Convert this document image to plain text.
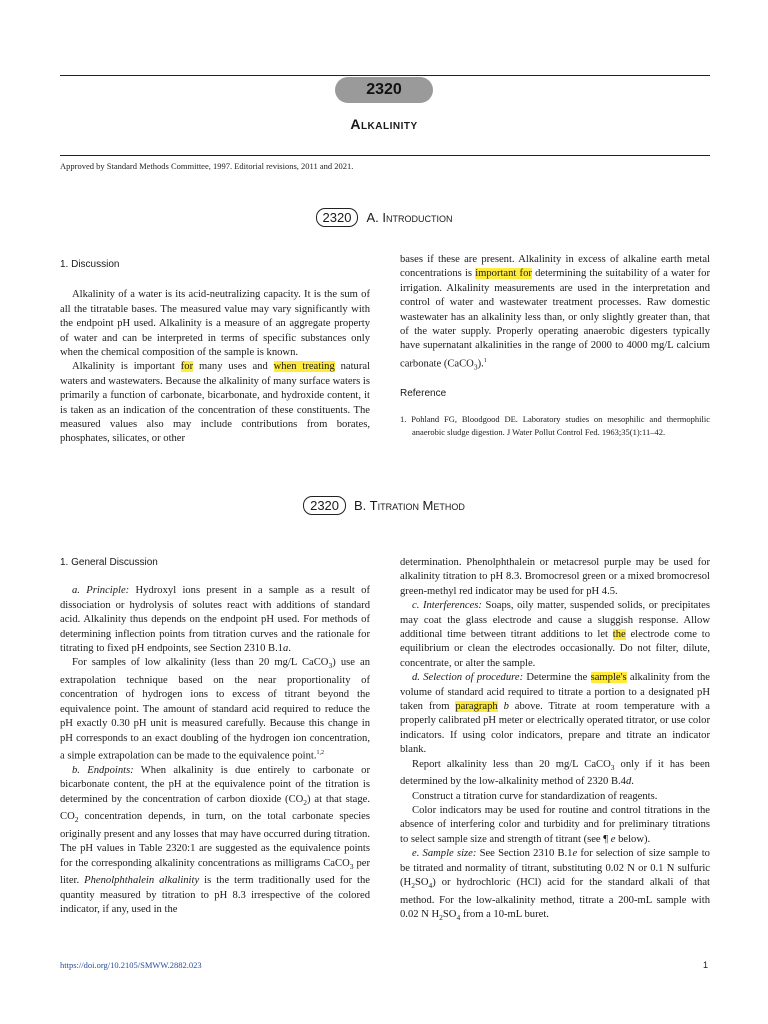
2320
Alkalinity
Approved by Standard Methods Committee, 1997. Editorial revisions, 2011 and 2021.
2320 A. Introduction

1. Discussion

Alkalinity of a water is its acid-neutralizing capacity. It is the sum of all the titratable bases. The measured value may vary significantly with the endpoint pH used. Alkalinity is a measure of an aggregate property of water and can be interpreted in terms of specific substances only when the chemical composition of the sample is known.

Alkalinity is important for many uses and when treating natural waters and wastewaters. Because the alkalinity of many surface waters is primarily a function of carbonate, bicarbonate, and hydroxide content, it is taken as an indication of the concentration of these constituents. The measured values also may include contributions from borates, phosphates, silicates, or other

bases if these are present. Alkalinity in excess of alkaline earth metal concentrations is important for determining the suitability of a water for irrigation. Alkalinity measurements are used in the interpretation and control of water and wastewater treatment processes. Raw domestic wastewater has an alkalinity less than, or only slightly greater than, that of the water supply. Properly operating anaerobic digesters typically have supernatant alkalinities in the range of 2000 to 4000 mg/L calcium carbonate (CaCO$_3$).$^1$

Reference

1. Pohland FG, Bloodgood DE. Laboratory studies on mesophilic and thermophilic anaerobic sludge digestion. J Water Pollut Control Fed. 1963;35(1):11–42.

2320 B. Titration Method

1. General Discussion

a. Principle: Hydroxyl ions present in a sample as a result of dissociation or hydrolysis of solutes react with additions of standard acid. Alkalinity thus depends on the endpoint pH used. For methods of determining inflection points from titration curves and the rationale for titrating to fixed pH endpoints, see Section 2310 B.1a.

For samples of low alkalinity (less than 20 mg/L CaCO$_3$) use an extrapolation technique based on the near proportionality of concentration of hydrogen ions to excess of titrant beyond the equivalence point. The amount of standard acid required to reduce the pH exactly 0.30 pH unit is measured carefully. Because this change in pH corresponds to an exact doubling of the hydrogen ion concentration, a simple extrapolation can be made to the equivalence point.$^{1,2}$

b. Endpoints: When alkalinity is due entirely to carbonate or bicarbonate content, the pH at the equivalence point of the titration is determined by the concentration of carbon dioxide $(CO_2)$ at that stage. $CO_2$ concentration depends, in turn, on the total carbonate species originally present and any losses that may have occurred during titration. The pH values in Table 2320:1 are suggested as the equivalence points for the corresponding alkalinity concentrations as milligrams CaCO$_3$ per liter. Phenolphthalein alkalinity is the term traditionally used for the quantity measured by titration to pH 8.3 irrespective of the colored indicator, if any, used in the

determination. Phenolphthalein or metacresol purple may be used for alkalinity titration to pH 8.3. Bromocresol green or a mixed bromocresol green-methyl red indicator may be used for pH 4.5.

c. Interferences: Soaps, oily matter, suspended solids, or precipitates may coat the glass electrode and cause a sluggish response. Allow additional time between titrant additions to let the electrode come to equilibrium or clean the electrodes occasionally. Do not filter, dilute, concentrate, or alter the sample.

d. Selection of procedure: Determine the sample's alkalinity from the volume of standard acid required to titrate a portion to a designated pH taken from paragraph b above. Titrate at room temperature with a properly calibrated pH meter or electrically operated titrator, or use color indicators. If using color indicators, prepare and titrate an indicator blank.

Report alkalinity less than 20 mg/L CaCO$_3$ only if it has been determined by the low-alkalinity method of 2320 B.4d.

Construct a titration curve for standardization of reagents.

Color indicators may be used for routine and control titrations in the absence of interfering color and turbidity and for preliminary titrations to select sample size and strength of titrant (see ¶ e below).

e. Sample size: See Section 2310 B.1e for selection of size sample to be titrated and normality of titrant, substituting 0.02 N or 0.1 N sulfuric $(H_2SO_4)$ or hydrochloric (HCl) acid for the standard alkali of that method. For the low-alkalinity method, titrate a 200-mL sample with 0.02 N $H_2SO_4$ from a 10-mL buret.

https://doi.org/10.2105/SMWW.2882.023	1
